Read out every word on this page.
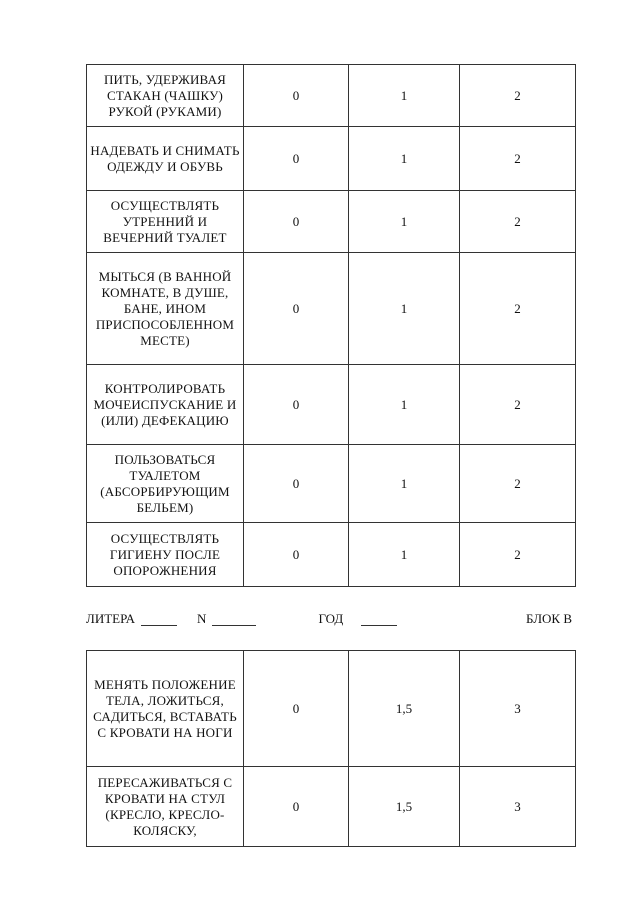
ПИТЬ, УДЕРЖИВАЯ СТАКАН (ЧАШКУ) РУКОЙ (РУКАМИ)	0	1	2
НАДЕВАТЬ И СНИМАТЬ ОДЕЖДУ И ОБУВЬ	0	1	2
ОСУЩЕСТВЛЯТЬ УТРЕННИЙ И ВЕЧЕРНИЙ ТУАЛЕТ	0	1	2
МЫТЬСЯ (В ВАННОЙ КОМНАТЕ, В ДУШЕ, БАНЕ, ИНОМ ПРИСПОСОБЛЕННОМ МЕСТЕ)	0	1	2
КОНТРОЛИРОВАТЬ МОЧЕИСПУСКАНИЕ И (ИЛИ) ДЕФЕКАЦИЮ	0	1	2
ПОЛЬЗОВАТЬСЯ ТУАЛЕТОМ (АБСОРБИРУЮЩИМ БЕЛЬЕМ)	0	1	2
ОСУЩЕСТВЛЯТЬ ГИГИЕНУ ПОСЛЕ ОПОРОЖНЕНИЯ	0	1	2
ЛИТЕРА	N	ГОД	БЛОК В
МЕНЯТЬ ПОЛОЖЕНИЕ ТЕЛА, ЛОЖИТЬСЯ, САДИТЬСЯ, ВСТАВАТЬ С КРОВАТИ НА НОГИ	0	1,5	3
ПЕРЕСАЖИВАТЬСЯ С КРОВАТИ НА СТУЛ (КРЕСЛО, КРЕСЛО-КОЛЯСКУ,	0	1,5	3
